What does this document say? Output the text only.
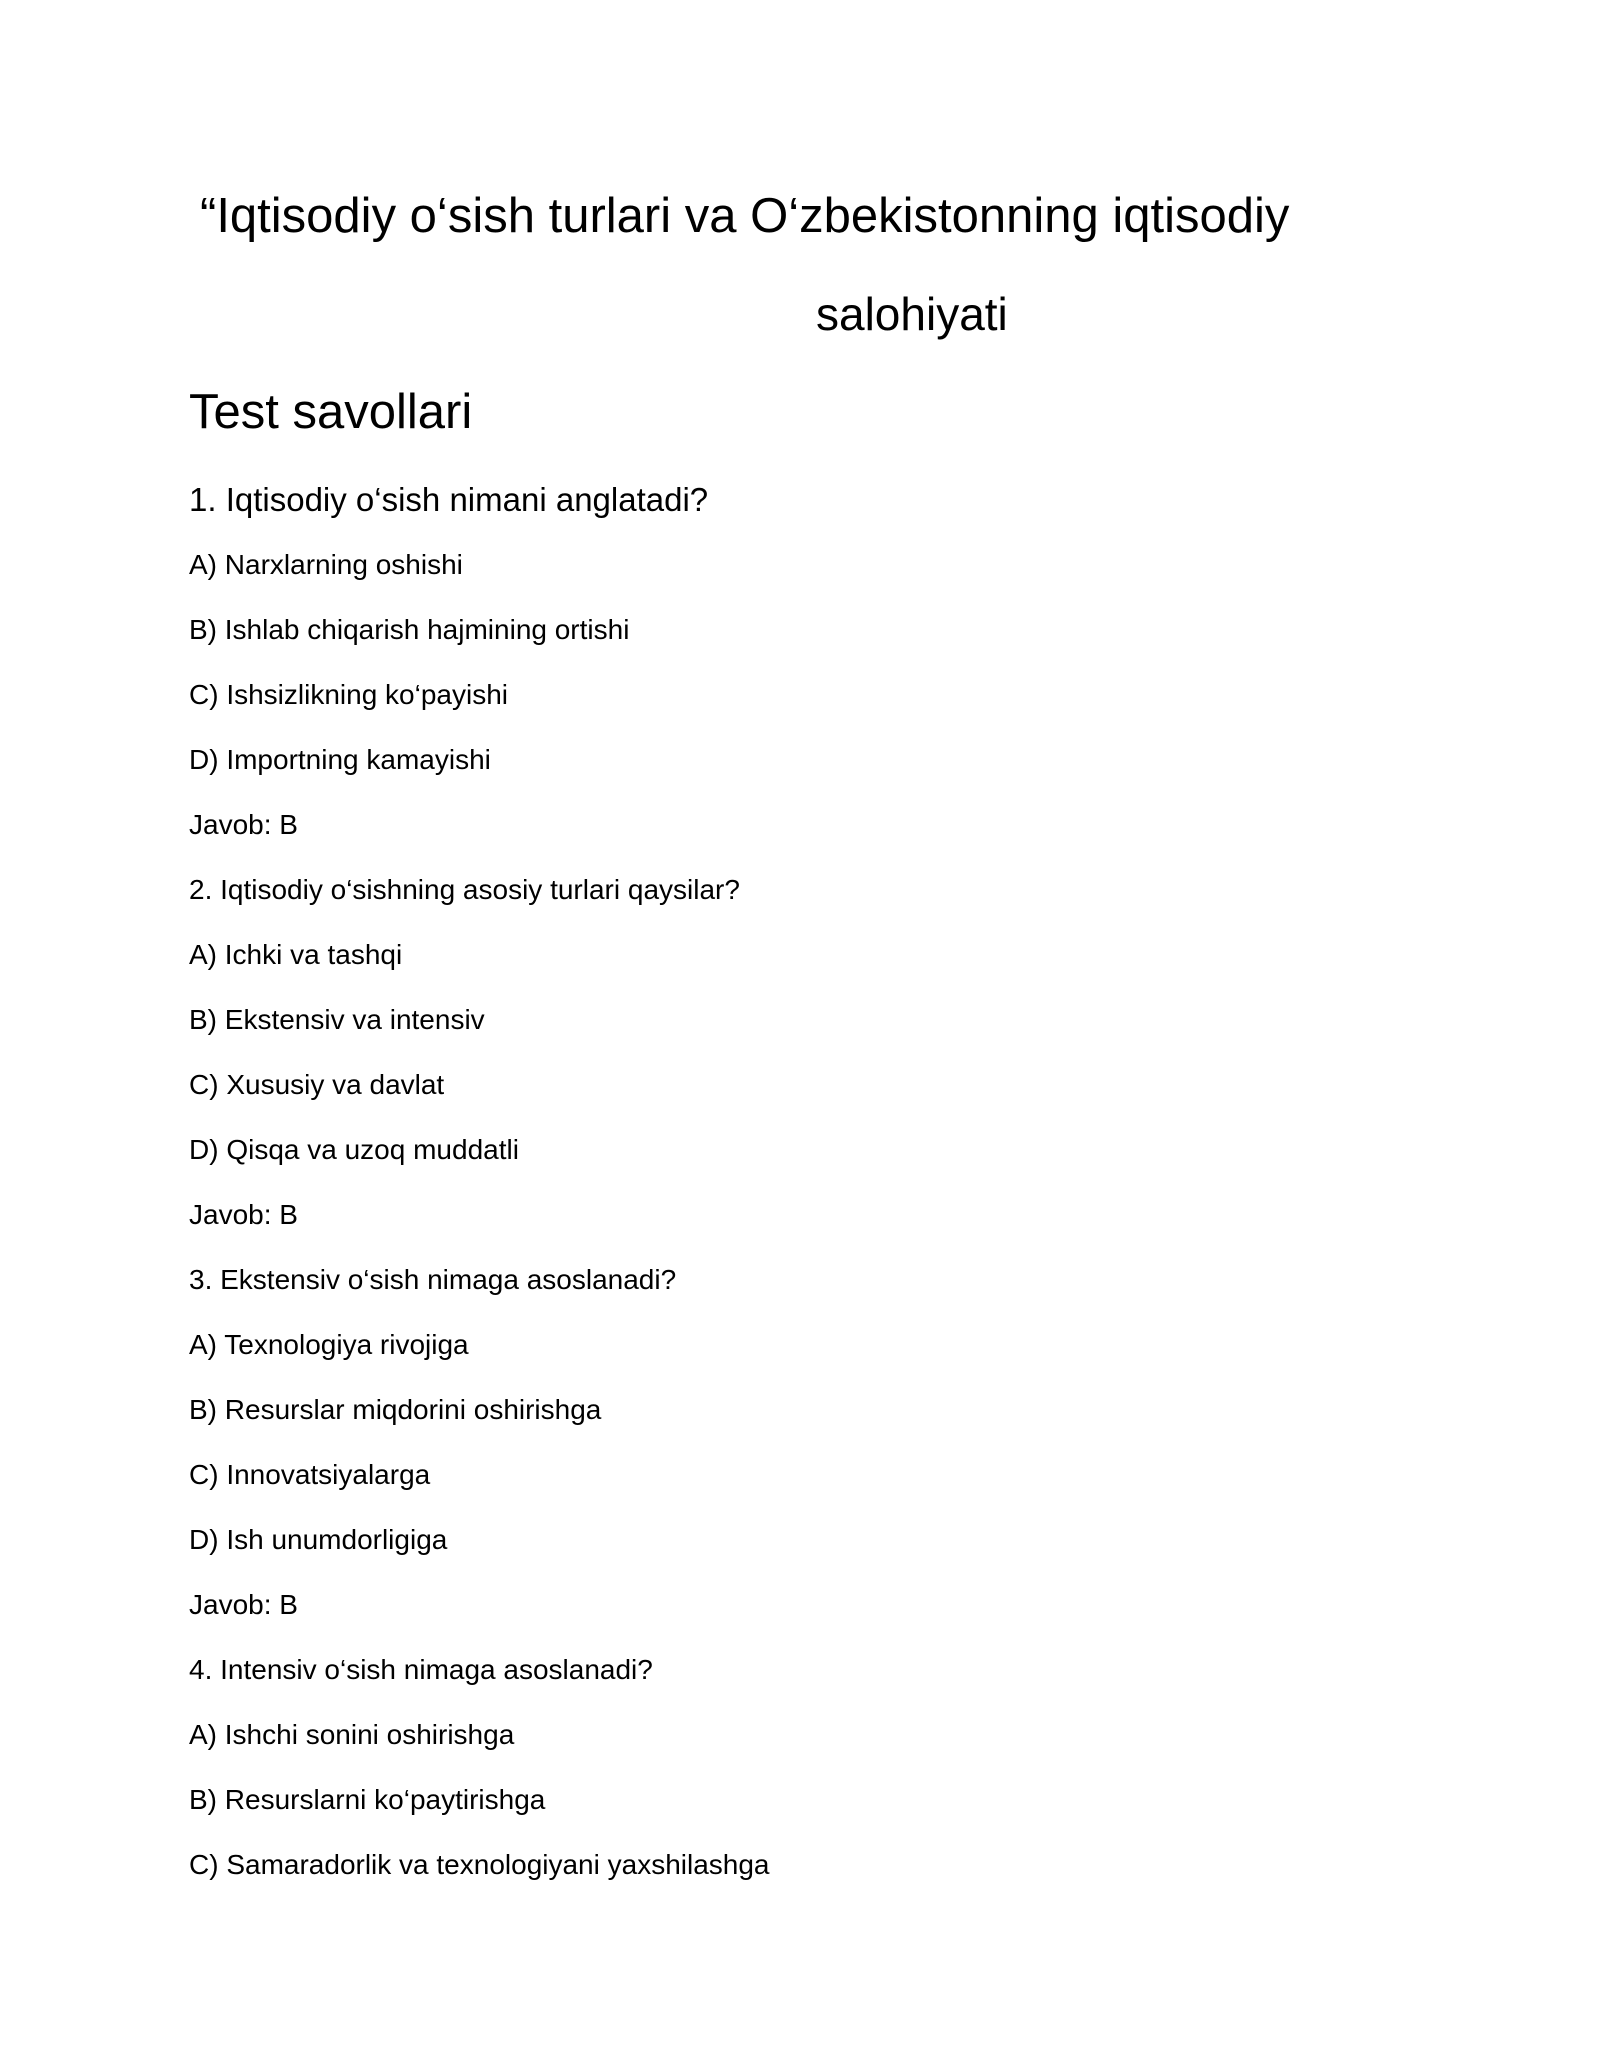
“Iqtisodiy o‘sish turlari va O‘zbekistonning iqtisodiy
salohiyati
Test savollari
1. Iqtisodiy o‘sish nimani anglatadi?
A) Narxlarning oshishi
B) Ishlab chiqarish hajmining ortishi
C) Ishsizlikning ko‘payishi
D) Importning kamayishi
Javob: B
2. Iqtisodiy o‘sishning asosiy turlari qaysilar?
A) Ichki va tashqi
B) Ekstensiv va intensiv
C) Xususiy va davlat
D) Qisqa va uzoq muddatli
Javob: B
3. Ekstensiv o‘sish nimaga asoslanadi?
A) Texnologiya rivojiga
B) Resurslar miqdorini oshirishga
C) Innovatsiyalarga
D) Ish unumdorligiga
Javob: B
4. Intensiv o‘sish nimaga asoslanadi?
A) Ishchi sonini oshirishga
B) Resurslarni ko‘paytirishga
C) Samaradorlik va texnologiyani yaxshilashga
